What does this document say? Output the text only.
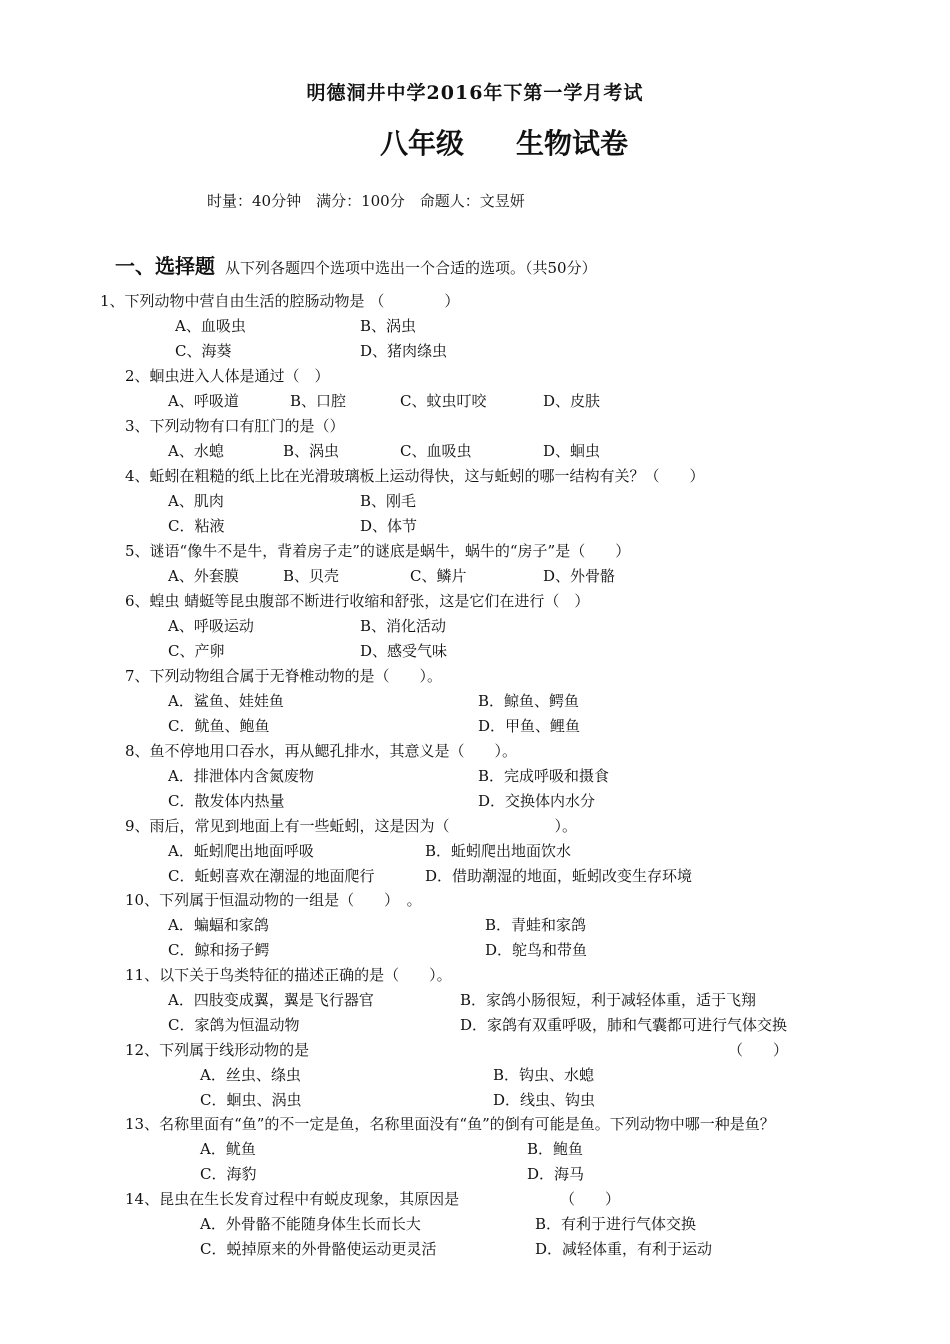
明德洞井中学2016年下第一学月考试
八年级 生物试卷
时量：40分钟　满分：100分　命题人：文昱妍
一、选择题 从下列各题四个选项中选出一个合适的选项。（共50分）
1、下列动物中营自由生活的腔肠动物是 （　　　　）
A、血吸虫	B、涡虫
C、海葵	D、猪肉绦虫
2、蛔虫进入人体是通过（　）
A、呼吸道	B、口腔	C、蚊虫叮咬	D、皮肤
3、下列动物有口有肛门的是（）
A、水螅	B、涡虫	C、血吸虫	D、蛔虫
4、蚯蚓在粗糙的纸上比在光滑玻璃板上运动得快，这与蚯蚓的哪一结构有关？（　　）
A、肌肉	B、刚毛
C．粘液	D、体节
5、谜语“像牛不是牛，背着房子走”的谜底是蜗牛，蜗牛的“房子”是（　　）
A、外套膜	B、贝壳	C、鳞片	D、外骨骼
6、蝗虫 蜻蜓等昆虫腹部不断进行收缩和舒张，这是它们在进行（　）
A、呼吸运动	B、消化活动
C、产卵	D、感受气味
7、下列动物组合属于无脊椎动物的是（　　）。
A．鲨鱼、娃娃鱼	B．鲸鱼、鳄鱼
C．鱿鱼、鲍鱼	D．甲鱼、鲤鱼
8、鱼不停地用口吞水，再从鳃孔排水，其意义是（　　）。
A．排泄体内含氮废物	B．完成呼吸和摄食
C．散发体内热量	D．交换体内水分
9、雨后，常见到地面上有一些蚯蚓，这是因为（　　　　　　　）。
A．蚯蚓爬出地面呼吸	B．蚯蚓爬出地面饮水
C．蚯蚓喜欢在潮湿的地面爬行	D．借助潮湿的地面，蚯蚓改变生存环境
10、下列属于恒温动物的一组是（　　）　。
A．蝙蝠和家鸽	B．青蛙和家鸽
C．鲸和扬子鳄	D．鸵鸟和带鱼
11、以下关于鸟类特征的描述正确的是（　　）。
A．四肢变成翼，翼是飞行器官	B．家鸽小肠很短，利于减轻体重，适于飞翔
C．家鸽为恒温动物	D．家鸽有双重呼吸，肺和气囊都可进行气体交换
12、下列属于线形动物的是	（　　）
A．丝虫、绦虫	B．钩虫、水螅
C．蛔虫、涡虫	D．线虫、钩虫
13、名称里面有“鱼”的不一定是鱼，名称里面没有“鱼”的倒有可能是鱼。下列动物中哪一种是鱼？
A．鱿鱼	B．鲍鱼
C．海豹	D．海马
14、昆虫在生长发育过程中有蜕皮现象，其原因是	（　　）
A．外骨骼不能随身体生长而长大	B．有利于进行气体交换
C．蜕掉原来的外骨骼使运动更灵活	D．减轻体重，有利于运动
